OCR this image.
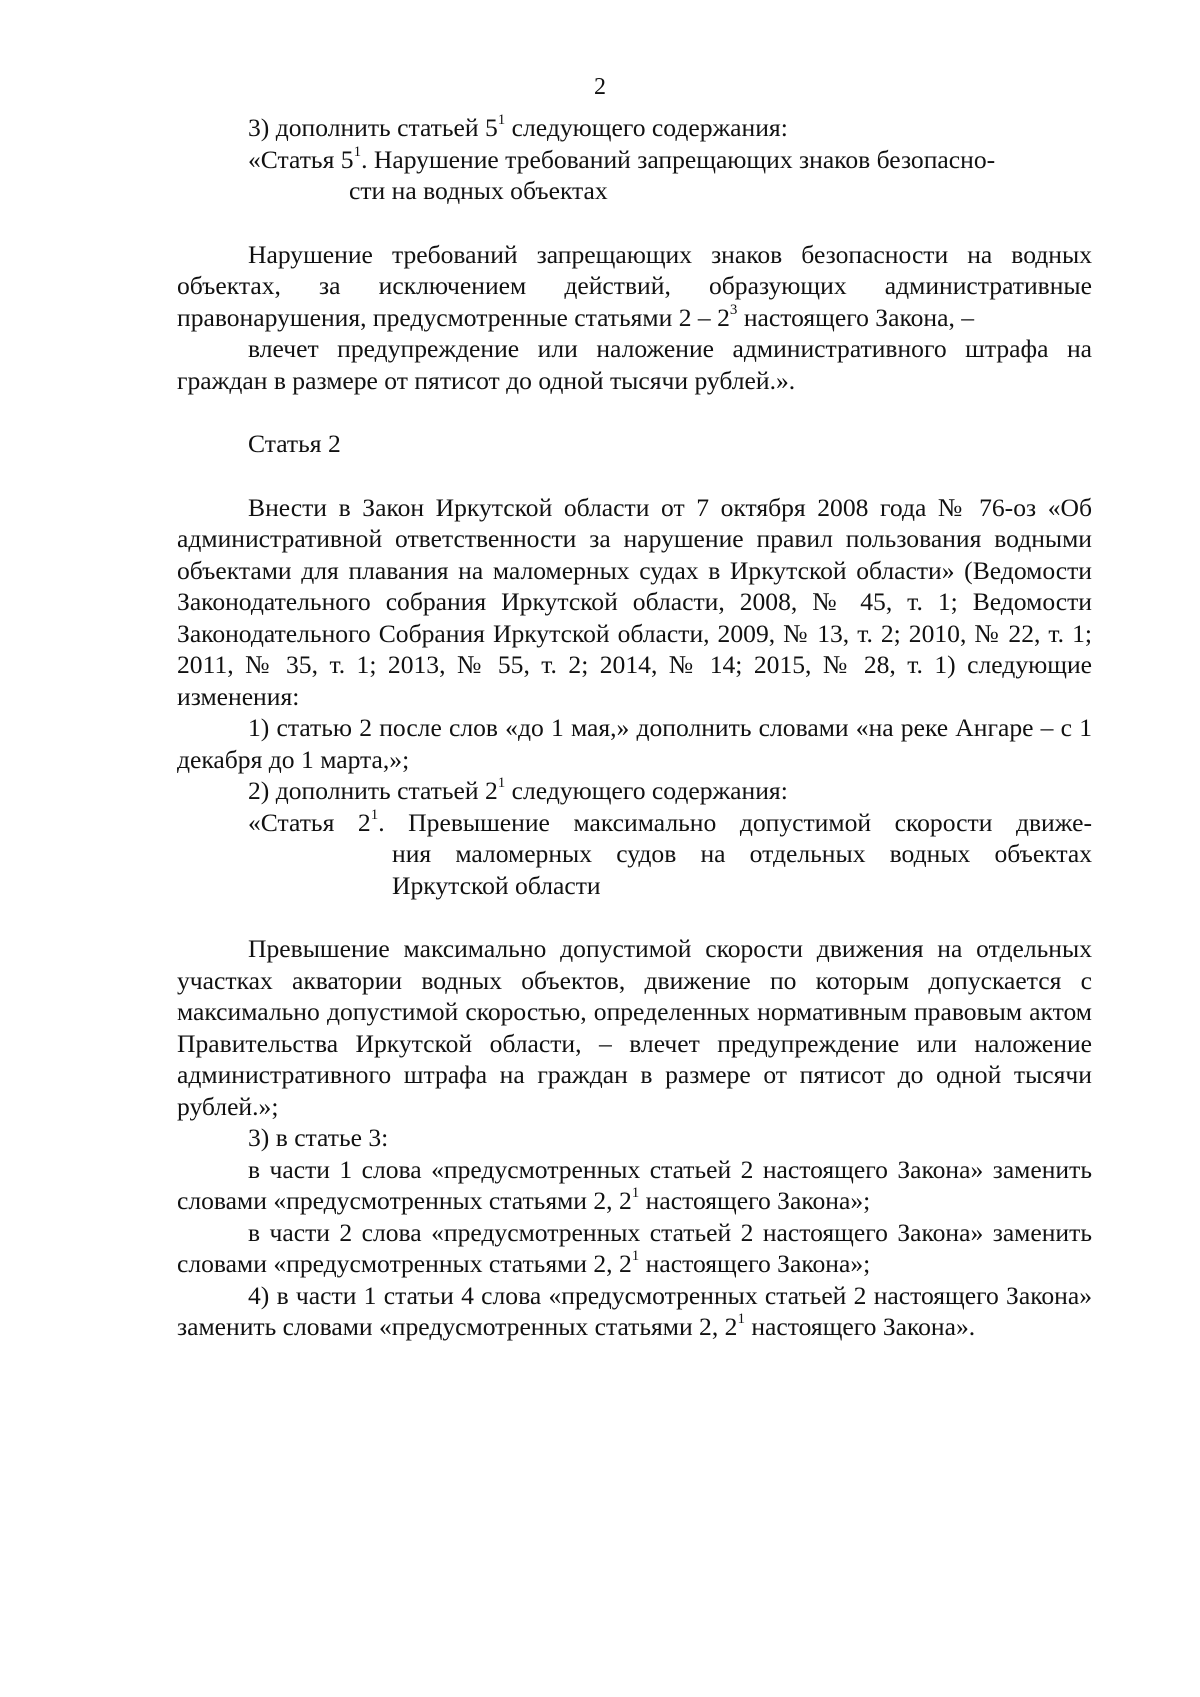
2

3) дополнить статьей $5^1$ следующего содержания:

«Статья $5^1$. Нарушение требований запрещающих знаков безопасно-
сти на водных объектах

Нарушение требований запрещающих знаков безопасности на водных объектах, за исключением действий, образующих административные правонарушения, предусмотренные статьями $2 - 2^3$ настоящего Закона, –

влечет предупреждение или наложение административного штрафа на граждан в размере от пятисот до одной тысячи рублей.».

Статья 2

Внести в Закон Иркутской области от 7 октября 2008 года № 76-оз «Об административной ответственности за нарушение правил пользования водными объектами для плавания на маломерных судах в Иркутской области» (Ведомости Законодательного собрания Иркутской области, 2008, № 45, т. 1; Ведомости Законодательного Собрания Иркутской области, 2009, № 13, т. 2; 2010, № 22, т. 1; 2011, № 35, т. 1; 2013, № 55, т. 2; 2014, № 14; 2015, № 28, т. 1) следующие изменения:

1) статью 2 после слов «до 1 мая,» дополнить словами «на реке Ангаре – с 1 декабря до 1 марта,»;

2) дополнить статьей $2^1$ следующего содержания:

«Статья $2^1$. Превышение максимально допустимой скорости движе-
ния маломерных судов на отдельных водных объектах Иркутской области

Превышение максимально допустимой скорости движения на отдельных участках акватории водных объектов, движение по которым допускается с максимально допустимой скоростью, определенных нормативным правовым актом Правительства Иркутской области, – влечет предупреждение или наложение административного штрафа на граждан в размере от пятисот до одной тысячи рублей.»;

3) в статье 3:

в части 1 слова «предусмотренных статьей 2 настоящего Закона» заменить словами «предусмотренных статьями 2, $2^1$ настоящего Закона»;

в части 2 слова «предусмотренных статьей 2 настоящего Закона» заменить словами «предусмотренных статьями 2, $2^1$ настоящего Закона»;

4) в части 1 статьи 4 слова «предусмотренных статьей 2 настоящего Закона» заменить словами «предусмотренных статьями 2, $2^1$ настоящего Закона».
